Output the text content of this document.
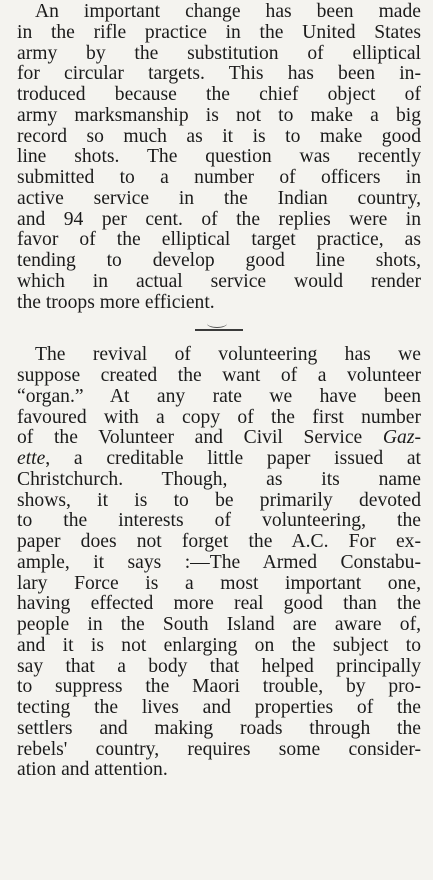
An important change has been made
in the rifle practice in the United States
army by the substitution of elliptical
for circular targets. This has been in-
troduced because the chief object of
army marksmanship is not to make a big
record so much as it is to make good
line shots. The question was recently
submitted to a number of officers in
active service in the Indian country,
and 94 per cent. of the replies were in
favor of the elliptical target practice, as
tending to develop good line shots,
which in actual service would render
the troops more efficient.

The revival of volunteering has we
suppose created the want of a volunteer
“organ.” At any rate we have been
favoured with a copy of the first number
of the Volunteer and Civil Service Gaz-
ette, a creditable little paper issued at
Christchurch. Though, as its name
shows, it is to be primarily devoted
to the interests of volunteering, the
paper does not forget the A.C. For ex-
ample, it says :—The Armed Constabu-
lary Force is a most important one,
having effected more real good than the
people in the South Island are aware of,
and it is not enlarging on the subject to
say that a body that helped principally
to suppress the Maori trouble, by pro-
tecting the lives and properties of the
settlers and making roads through the
rebels' country, requires some consider-
ation and attention.
